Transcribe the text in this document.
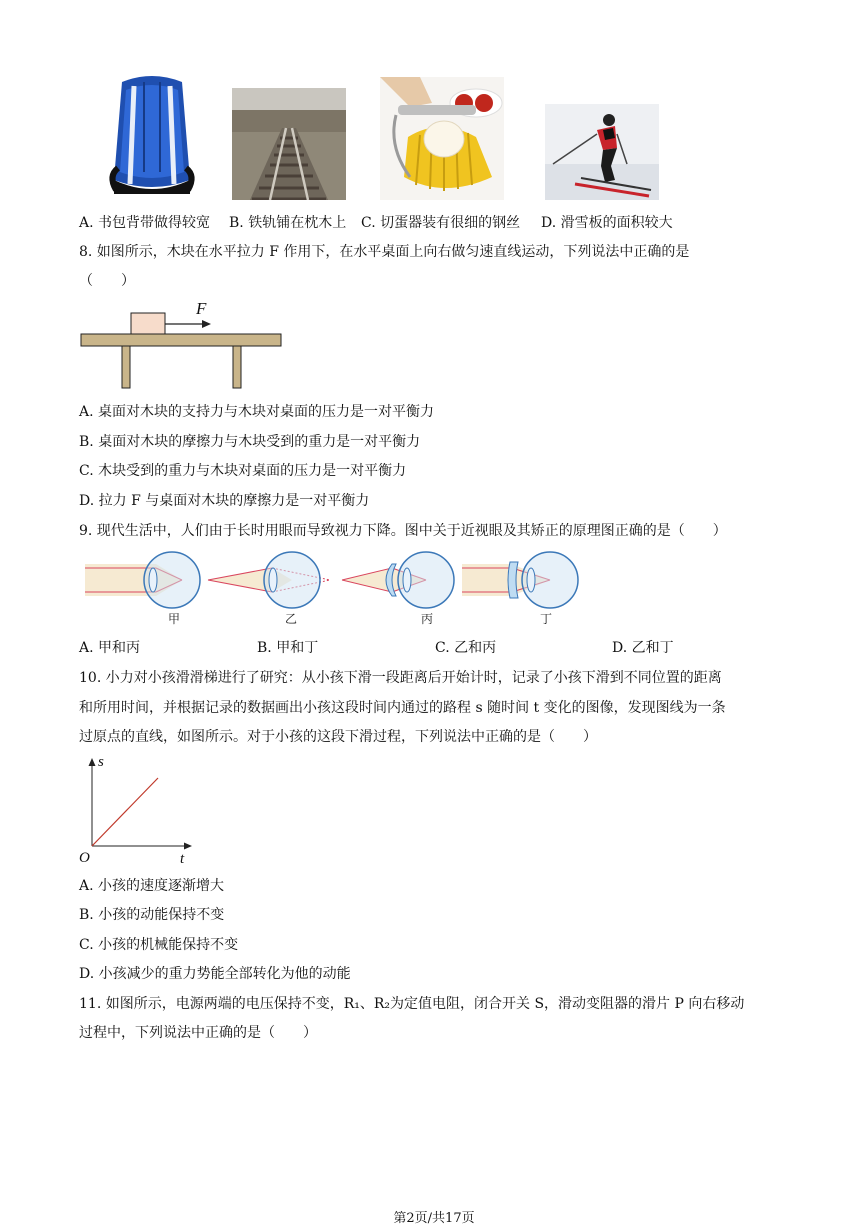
A. 书包背带做得较宽 B. 铁轨铺在枕木上 C. 切蛋器装有很细的钢丝 D. 滑雪板的面积较大
8. 如图所示，木块在水平拉力 F 作用下，在水平桌面上向右做匀速直线运动，下列说法中正确的是
（　　）
F
A. 桌面对木块的支持力与木块对桌面的压力是一对平衡力
B. 桌面对木块的摩擦力与木块受到的重力是一对平衡力
C. 木块受到的重力与木块对桌面的压力是一对平衡力
D. 拉力 F 与桌面对木块的摩擦力是一对平衡力
9. 现代生活中，人们由于长时用眼而导致视力下降。图中关于近视眼及其矫正的原理图正确的是（　　）
甲	乙	丙	丁
A. 甲和丙	B. 甲和丁	C. 乙和丙	D. 乙和丁
10. 小力对小孩滑滑梯进行了研究：从小孩下滑一段距离后开始计时，记录了小孩下滑到不同位置的距离
和所用时间，并根据记录的数据画出小孩这段时间内通过的路程 s 随时间 t 变化的图像，发现图线为一条
过原点的直线，如图所示。对于小孩的这段下滑过程，下列说法中正确的是（　　）
s
t
O
A. 小孩的速度逐渐增大
B. 小孩的动能保持不变
C. 小孩的机械能保持不变
D. 小孩减少的重力势能全部转化为他的动能
11. 如图所示，电源两端的电压保持不变，R₁、R₂为定值电阻，闭合开关 S，滑动变阻器的滑片 P 向右移动
过程中，下列说法中正确的是（　　）
第2页/共17页
